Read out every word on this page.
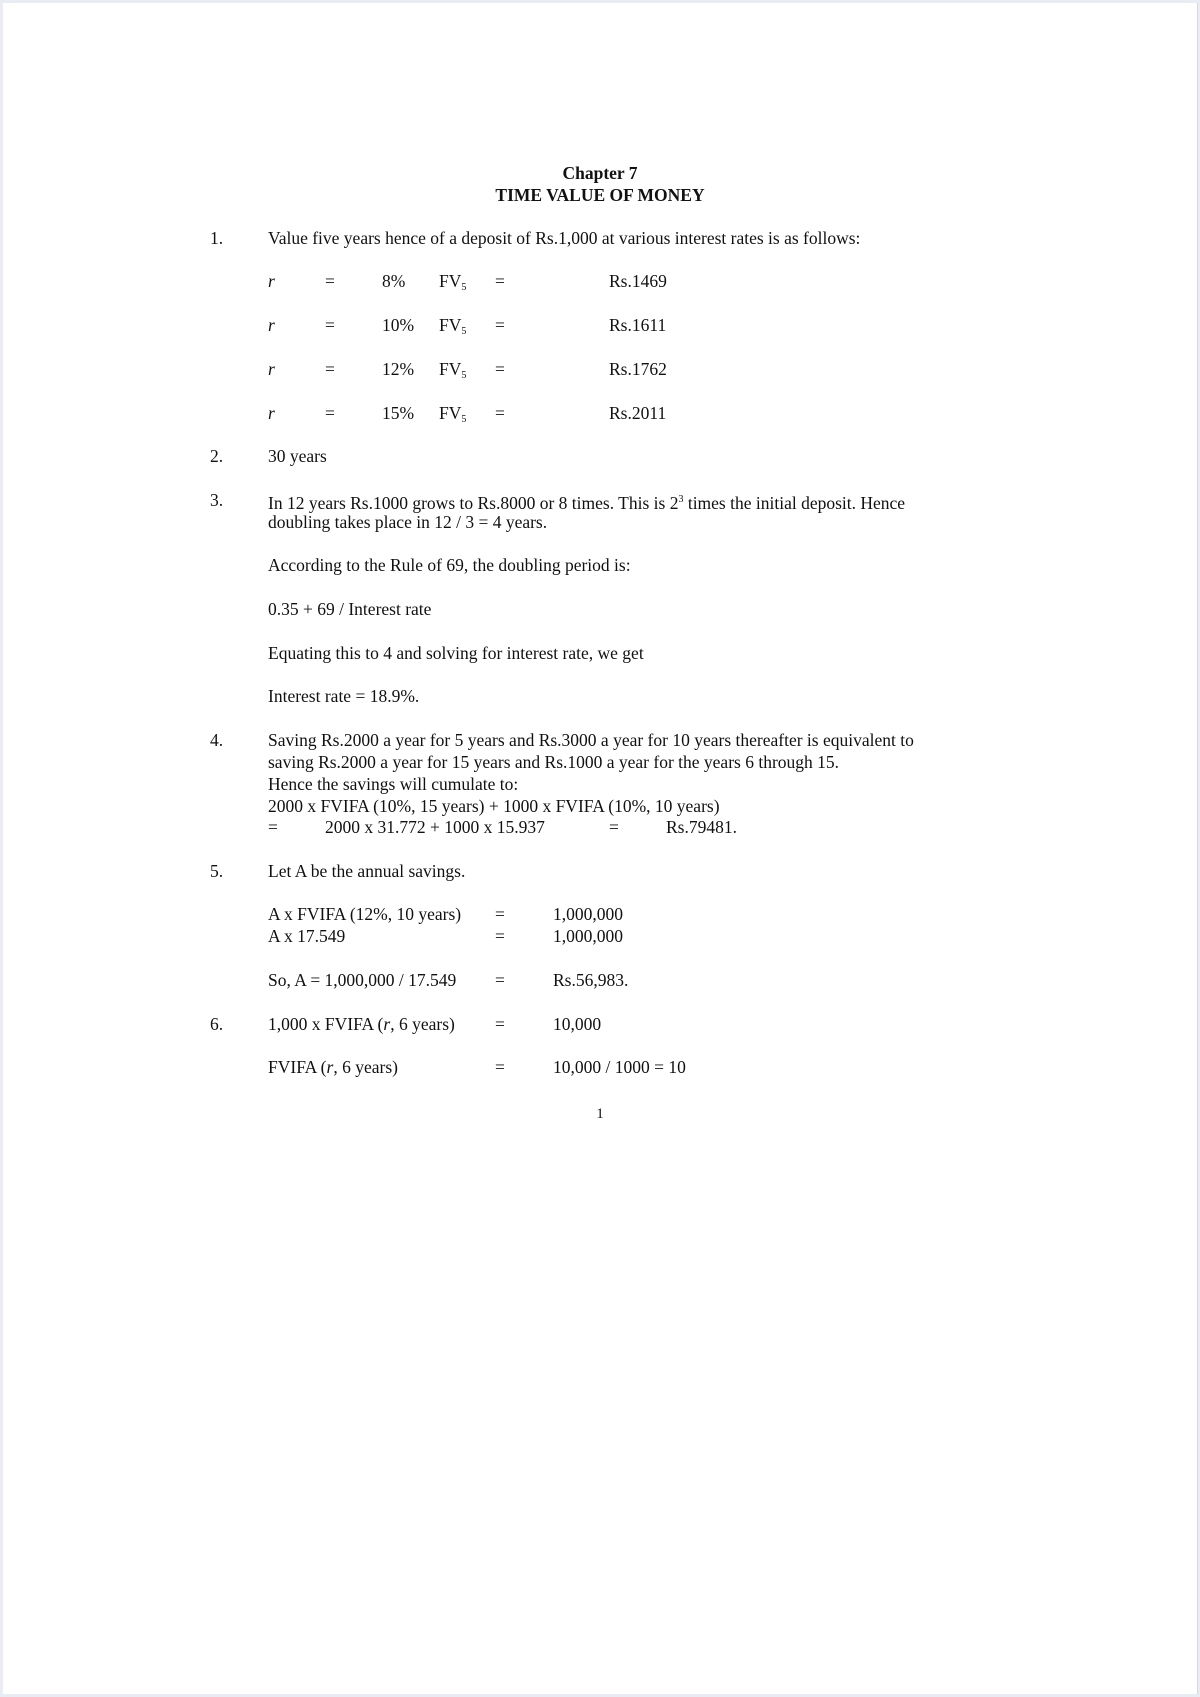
Chapter 7
TIME VALUE OF MONEY
1.	Value five years hence of a deposit of Rs.1,000 at various interest rates is as follows:
r	=	8% $FV_5$ =	Rs.1469
r	=	10% $FV_5$ =	Rs.1611
r	=	12% $FV_5$ =	Rs.1762
r	=	15% $FV_5$ =	Rs.2011
2.	30 years
3.	In 12 years Rs.1000 grows to Rs.8000 or 8 times. This is $2^3$ times the initial deposit. Hence
doubling takes place in 12 / 3 = 4 years.
According to the Rule of 69, the doubling period is:
0.35 + 69 / Interest rate
Equating this to 4 and solving for interest rate, we get
Interest rate = 18.9%.
4.	Saving Rs.2000 a year for 5 years and Rs.3000 a year for 10 years thereafter is equivalent to
saving Rs.2000 a year for 15 years and Rs.1000 a year for the years 6 through 15.
Hence the savings will cumulate to:
2000 x FVIFA (10%, 15 years) + 1000 x FVIFA (10%, 10 years)
=	2000 x 31.772 + 1000 x 15.937	=	Rs.79481.
5.	Let A be the annual savings.
A x FVIFA (12%, 10 years) =	1,000,000
A x 17.549	=	1,000,000
So, A = 1,000,000 / 17.549 =	Rs.56,983.
6.	1,000 x FVIFA (r, 6 years) =	10,000
FVIFA (r, 6 years)	=	10,000 / 1000 = 10
1
